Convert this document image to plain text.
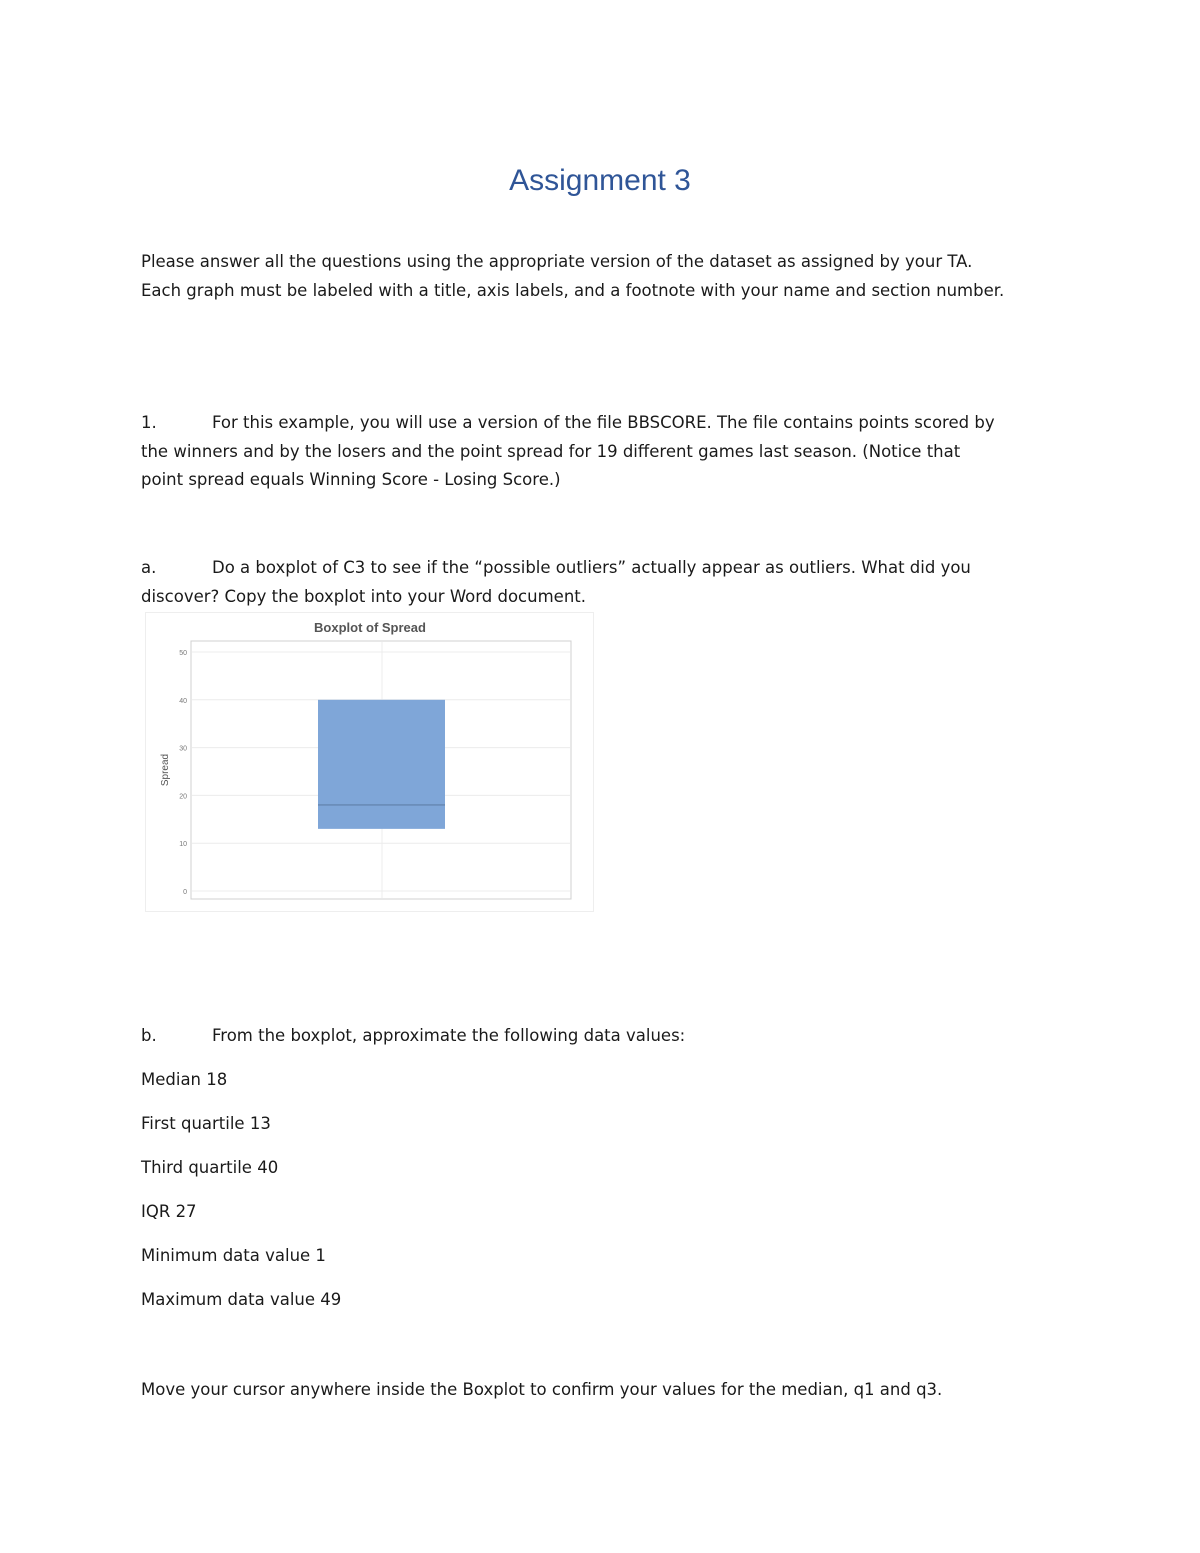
Assignment 3

Please answer all the questions using the appropriate version of the dataset as assigned by your TA.
Each graph must be labeled with a title, axis labels, and a footnote with your name and section number.

1.	For this example, you will use a version of the file BBSCORE. The file contains points scored by
the winners and by the losers and the point spread for 19 different games last season. (Notice that
point spread equals Winning Score - Losing Score.)

a.	Do a boxplot of C3 to see if the “possible outliers” actually appear as outliers. What did you
discover? Copy the boxplot into your Word document.

Boxplot of Spread
0
10
20
30
40
50
Spread

b.	From the boxplot, approximate the following data values:

Median 18

First quartile 13

Third quartile 40

IQR 27

Minimum data value 1

Maximum data value 49

Move your cursor anywhere inside the Boxplot to confirm your values for the median, q1 and q3.
